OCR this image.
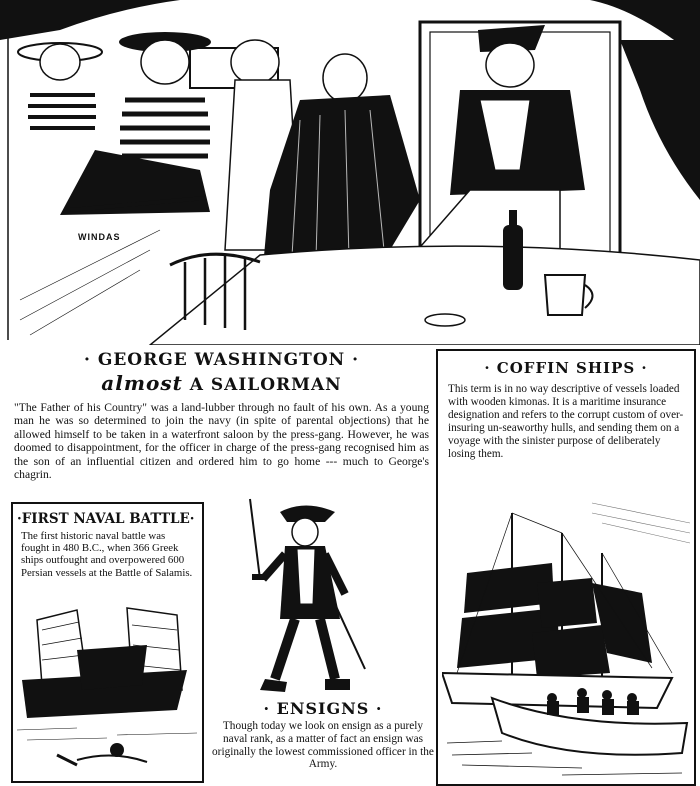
WINDAS
· GEORGE WASHINGTON ·
almost A SAILORMAN
"The Father of his Country" was a land-lubber through no fault of his own. As a young man he was so determined to join the navy (in spite of parental objections) that he allowed himself to be taken in a waterfront saloon by the press-gang. However, he was doomed to disappointment, for the officer in charge of the press-gang recognised him as the son of an influential citizen and ordered him to go home --- much to George's chagrin.
· COFFIN SHIPS ·
This term is in no way descriptive of vessels loaded with wooden kimonas. It is a maritime insurance designation and refers to the corrupt custom of over-insuring un-seaworthy hulls, and sending them on a voyage with the sinister purpose of deliberately losing them.
·FIRST NAVAL BATTLE·
The first historic naval battle was fought in 480 B.C., when 366 Greek ships outfought and overpowered 600 Persian vessels at the Battle of Salamis.
· ENSIGNS ·
Though today we look on ensign as a purely naval rank, as a matter of fact an ensign was originally the lowest commissioned officer in the Army.
